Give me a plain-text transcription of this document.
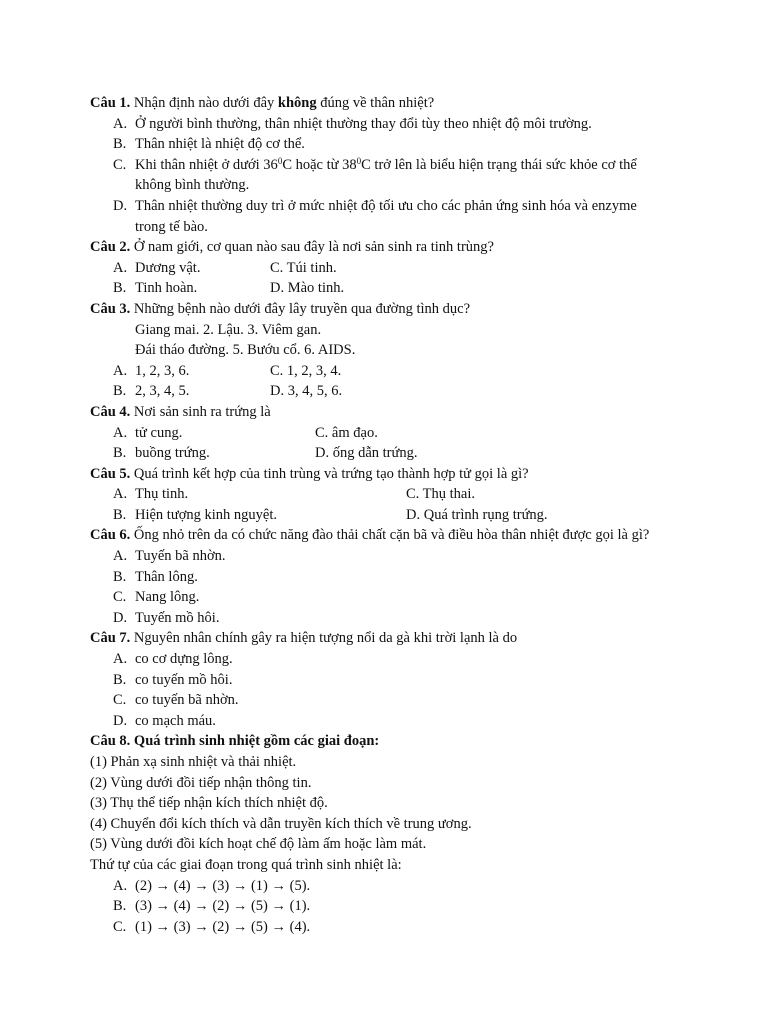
Câu 1. Nhận định nào dưới đây không đúng về thân nhiệt?
A. Ở người bình thường, thân nhiệt thường thay đổi tùy theo nhiệt độ môi trường.
B. Thân nhiệt là nhiệt độ cơ thể.
C. Khi thân nhiệt ở dưới $36^0C$ hoặc từ $38^0C$ trở lên là biểu hiện trạng thái sức khỏe cơ thể
không bình thường.
D. Thân nhiệt thường duy trì ở mức nhiệt độ tối ưu cho các phản ứng sinh hóa và enzyme
trong tế bào.
Câu 2. Ở nam giới, cơ quan nào sau đây là nơi sản sinh ra tinh trùng?
A. Dương vật.	C. Túi tinh.
B. Tinh hoàn.	D. Mào tinh.
Câu 3. Những bệnh nào dưới đây lây truyền qua đường tình dục?
Giang mai. 2. Lậu. 3. Viêm gan.
Đái tháo đường. 5. Bướu cổ. 6. AIDS.
A. 1, 2, 3, 6.	C. 1, 2, 3, 4.
B. 2, 3, 4, 5.	D. 3, 4, 5, 6.
Câu 4. Nơi sản sinh ra trứng là
A. tử cung.	C. âm đạo.
B. buồng trứng.	D. ống dẫn trứng.
Câu 5. Quá trình kết hợp của tinh trùng và trứng tạo thành hợp tử gọi là gì?
A. Thụ tinh.	C. Thụ thai.
B. Hiện tượng kinh nguyệt.	D. Quá trình rụng trứng.
Câu 6. Ống nhỏ trên da có chức năng đào thải chất cặn bã và điều hòa thân nhiệt được gọi là gì?
A. Tuyến bã nhờn.
B. Thân lông.
C. Nang lông.
D. Tuyến mồ hôi.
Câu 7. Nguyên nhân chính gây ra hiện tượng nổi da gà khi trời lạnh là do
A. co cơ dựng lông.
B. co tuyến mồ hôi.
C. co tuyến bã nhờn.
D. co mạch máu.
Câu 8. Quá trình sinh nhiệt gồm các giai đoạn:
(1) Phản xạ sinh nhiệt và thải nhiệt.
(2) Vùng dưới đồi tiếp nhận thông tin.
(3) Thụ thể tiếp nhận kích thích nhiệt độ.
(4) Chuyển đổi kích thích và dẫn truyền kích thích về trung ương.
(5) Vùng dưới đồi kích hoạt chế độ làm ấm hoặc làm mát.
Thứ tự của các giai đoạn trong quá trình sinh nhiệt là:
A. (2) → (4) → (3) → (1) → (5).
B. (3) → (4) → (2) → (5) → (1).
C. (1) → (3) → (2) → (5) → (4).
